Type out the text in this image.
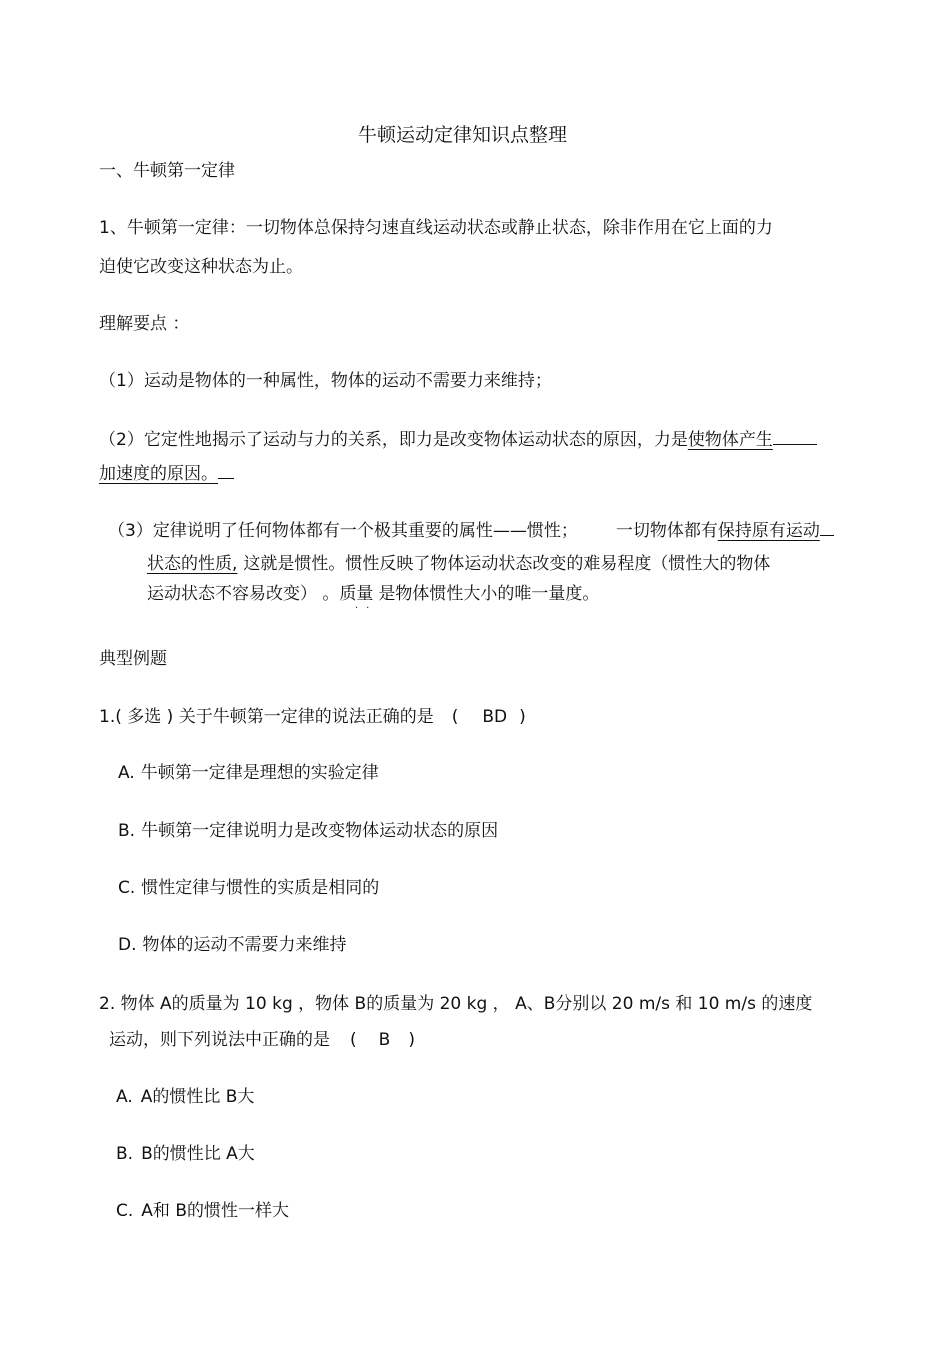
牛顿运动定律知识点整理
一、牛顿第一定律
1、牛顿第一定律：一切物体总保持匀速直线运动状态或静止状态，除非作用在它上面的力
迫使它改变这种状态为止。
理解要点 ：
（1）运动是物体的一种属性，物体的运动不需要力来维持；
（2）它定性地揭示了运动与力的关系，即力是改变物体运动状态的原因，力是使物体产生
加速度的原因。
（3）定律说明了任何物体都有一个极其重要的属性——惯性； 一切物体都有保持原有运动
状态的性质, 这就是惯性。惯性反映了物体运动状态改变的难易程度（惯性大的物体
运动状态不容易改变） 。质量 是物体惯性大小的唯一量度。
··
典型例题
1.( 多选 ) 关于牛顿第一定律的说法正确的是 ( BD )
A. 牛顿第一定律是理想的实验定律
B. 牛顿第一定律说明力是改变物体运动状态的原因
C. 惯性定律与惯性的实质是相同的
D. 物体的运动不需要力来维持
2. 物体 A的质量为 10 kg ，物体 B的质量为 20 kg ， A、B分别以 20 m/s 和 10 m/s 的速度
运动，则下列说法中正确的是 ( B )
A. A的惯性比 B大
B. B的惯性比 A大
C. A和 B的惯性一样大
